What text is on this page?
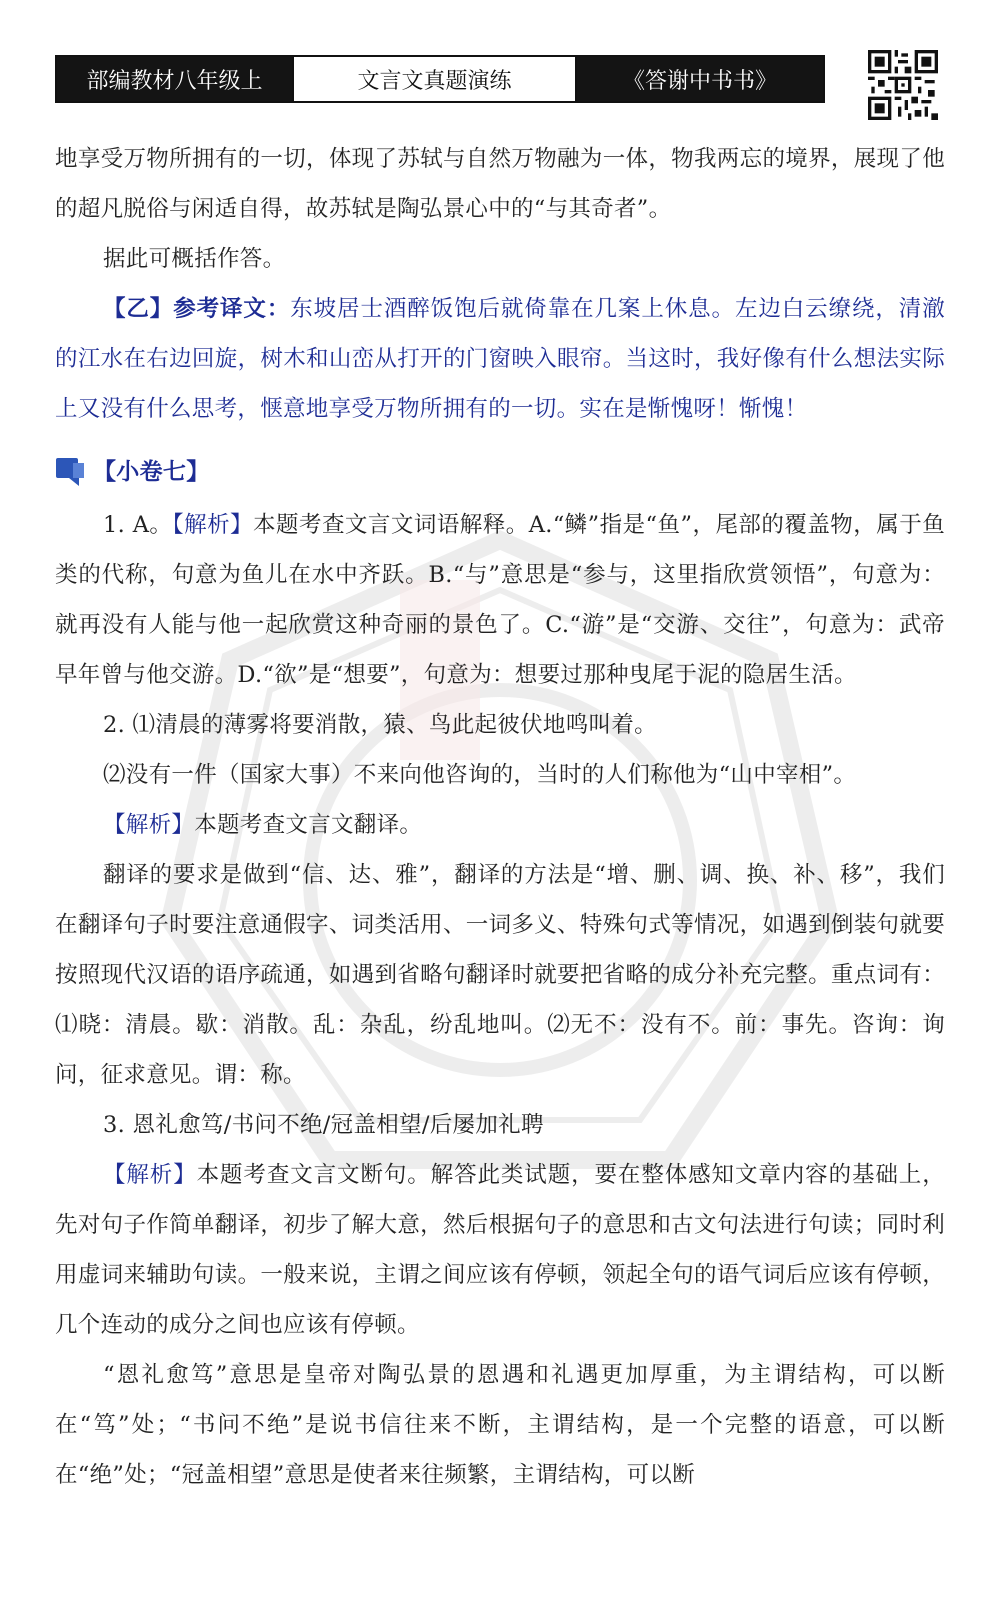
部编教材八年级上	文言文真题演练	《答谢中书书》

地享受万物所拥有的一切，体现了苏轼与自然万物融为一体，物我两忘的境界，展现了他的超凡脱俗与闲适自得，故苏轼是陶弘景心中的“与其奇者”。

据此可概括作答。

【乙】参考译文：东坡居士酒醉饭饱后就倚靠在几案上休息。左边白云缭绕，清澈的江水在右边回旋，树木和山峦从打开的门窗映入眼帘。当这时，我好像有什么想法实际上又没有什么思考，惬意地享受万物所拥有的一切。实在是惭愧呀！惭愧！

【小卷七】

1. A。【解析】本题考查文言文词语解释。A.“鳞”指是“鱼”，尾部的覆盖物，属于鱼类的代称，句意为鱼儿在水中齐跃。B.“与”意思是“参与，这里指欣赏领悟”，句意为：就再没有人能与他一起欣赏这种奇丽的景色了。C.“游”是“交游、交往”，句意为：武帝早年曾与他交游。D.“欲”是“想要”，句意为：想要过那种曳尾于泥的隐居生活。

2. ⑴清晨的薄雾将要消散，猿、鸟此起彼伏地鸣叫着。

⑵没有一件（国家大事）不来向他咨询的，当时的人们称他为“山中宰相”。

【解析】本题考查文言文翻译。

翻译的要求是做到“信、达、雅”，翻译的方法是“增、删、调、换、补、移”，我们在翻译句子时要注意通假字、词类活用、一词多义、特殊句式等情况，如遇到倒装句就要按照现代汉语的语序疏通，如遇到省略句翻译时就要把省略的成分补充完整。重点词有：⑴晓：清晨。歇：消散。乱：杂乱，纷乱地叫。⑵无不：没有不。前：事先。咨询：询问，征求意见。谓：称。

3. 恩礼愈笃/书问不绝/冠盖相望/后屡加礼聘

【解析】本题考查文言文断句。解答此类试题，要在整体感知文章内容的基础上，先对句子作简单翻译，初步了解大意，然后根据句子的意思和古文句法进行句读；同时利用虚词来辅助句读。一般来说，主谓之间应该有停顿，领起全句的语气词后应该有停顿，几个连动的成分之间也应该有停顿。

“恩礼愈笃”意思是皇帝对陶弘景的恩遇和礼遇更加厚重，为主谓结构，可以断在“笃”处；“书问不绝”是说书信往来不断，主谓结构，是一个完整的语意，可以断在“绝”处；“冠盖相望”意思是使者来往频繁，主谓结构，可以断
